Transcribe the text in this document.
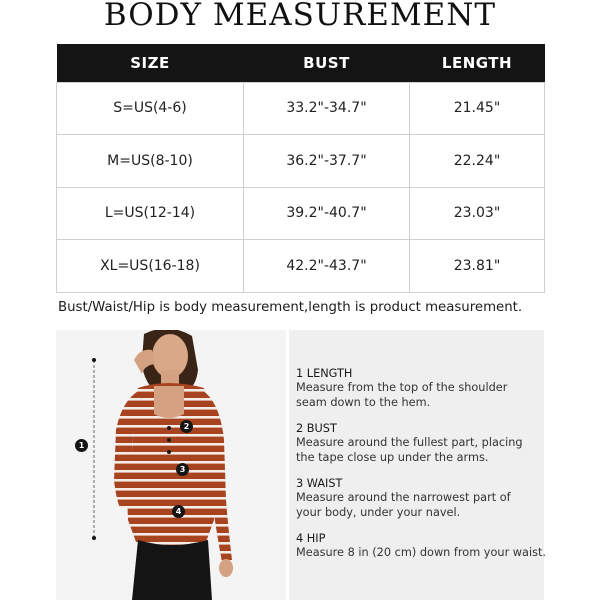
BODY MEASUREMENT
SIZE	BUST	LENGTH
S=US(4-6)	33.2"-34.7"	21.45"
M=US(8-10)	36.2"-37.7"	22.24"
L=US(12-14)	39.2"-40.7"	23.03"
XL=US(16-18)	42.2"-43.7"	23.81"
Bust/Waist/Hip is body measurement,length is product measurement.
1
2
3
4
1 LENGTH
Measure from the top of the shoulder
seam down to the hem.
2 BUST
Measure around the fullest part, placing
the tape close up under the arms.
3 WAIST
Measure around the narrowest part of
your body, under your navel.
4 HIP
Measure 8 in (20 cm) down from your waist.
